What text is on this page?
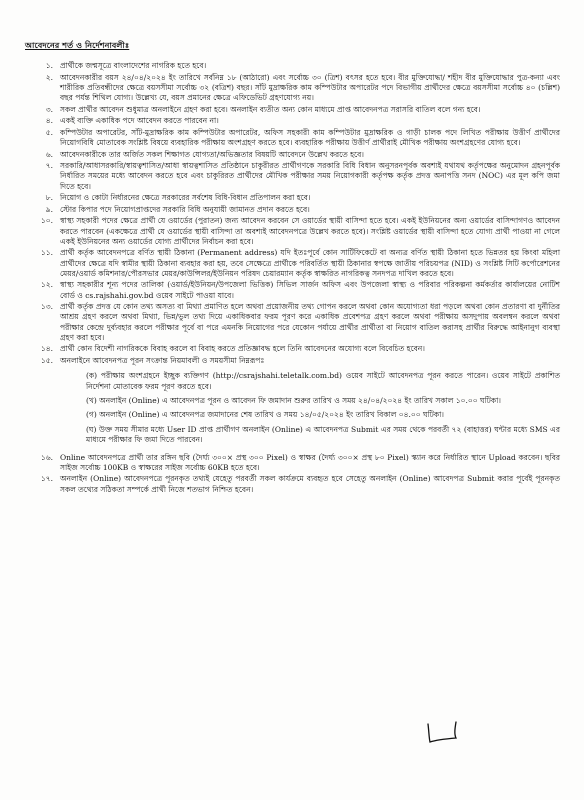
আবেদনের শর্ত ও নির্দেশনাবলীঃ
১. প্রার্থীকে জন্মসূত্রে বাংলাদেশের নাগরিক হতে হবে।
২. আবেদনকারীর বয়স ২৪/০৪/২০২৪ ইং তারিখে সর্বনিম্ন ১৮ (আঠারো) এবং সর্বোচ্চ ৩০ (ত্রিশ) বৎসর হতে হবে। বীর মুক্তিযোদ্ধা/ শহীদ বীর মুক্তিযোদ্ধার পুত্র-কন্যা এবং শারীরিক প্রতিবন্ধীদের ক্ষেত্রে বয়সসীমা সর্বোচ্চ ৩২ (বত্রিশ) বছর। সাঁট মুদ্রাক্ষরিক কাম কম্পিউটার অপারেটর পদে বিভাগীয় প্রার্থীদের ক্ষেত্রে বয়সসীমা সর্বোচ্চ ৪০ (চল্লিশ) বছর পর্যন্ত শিথিল যোগ্য। উল্লেখ্য যে, বয়স প্রমানের ক্ষেত্রে এফিডেভিট গ্রহণযোগ্য নয়।
৩. সকল প্রার্থীর আবেদন শুধুমাত্র অনলাইনে গ্রহণ করা হবে। অনলাইন ব্যতীত অন্য কোন মাধ্যমে প্রাপ্ত আবেদনপত্র সরাসরি বাতিল বলে গন্য হবে।
৪. একই ব্যক্তি একাধিক পদে আবেদন করতে পারবেন না।
৫. কম্পিউটার অপারেটর, সাঁট-মুদ্রাক্ষরিক কাম কম্পিউটার অপারেটর, অফিস সহকারী কাম কম্পিউটার মুদ্রাক্ষরিক ও গাড়ী চালক পদে লিখিত পরীক্ষায় উত্তীর্ণ প্রার্থীদের নিয়োগবিধি মোতাবেক সংশ্লিষ্ট বিষয়ে ব্যবহারিক পরীক্ষায় অংশগ্রহণ করতে হবে। ব্যবহারিক পরীক্ষায় উত্তীর্ণ প্রার্থীরাই মৌখিক পরীক্ষায় অংশগ্রহণের যোগ্য হবে।
৬. আবেদনকারীকে তার অর্জিত সকল শিক্ষাগত যোগ্যতা/অভিজ্ঞতার বিষয়টি আবেদনে উল্লেখ করতে হবে।
৭. সরকারি/আধাসরকারি/স্বায়ত্বশাসিত/আধা স্বায়ত্বশাসিত প্রতিষ্ঠানে চাকুরীরত প্রার্থীগণকে সরকারি বিধি বিধান অনুসরনপূর্বক অবশ্যই যথাযথ কর্তৃপক্ষের অনুমোদন গ্রহনপূর্বক নির্ধারিত সময়ের মধ্যে আবেদন করতে হবে এবং চাকুরিরত প্রার্থীদের মৌখিক পরীক্ষার সময় নিয়োগকারী কর্তৃপক্ষ কর্তৃক প্রদত্ত অনাপত্তি সনদ (NOC) এর মূল কপি জমা দিতে হবে।
৮. নিয়োগ ও কোটা নির্ধারনের ক্ষেত্রে সরকারের সর্বশেষ বিধি-বিধান প্রতিপালন করা হবে।
৯. স্টোর কিপার পদে নিয়োগপ্রাপ্তদের সরকারি বিধি অনুযায়ী জামানত প্রদান করতে হবে।
১০. স্বাস্থ্য সহকারী পদের ক্ষেত্রে প্রার্থী যে ওয়ার্ডের (পুরাতন) জন্য আবেদন করবেন সে ওয়ার্ডের স্থায়ী বাসিন্দা হতে হবে। একই ইউনিয়নের অন্য ওয়ার্ডের বাসিন্দাগণও আবেদন করতে পারবেন (একক্ষেত্রে প্রার্থী যে ওয়ার্ডের স্থায়ী বাসিন্দা তা অবশ্যই আবেদনপত্রে উল্লেখ করতে হবে)। সংশ্লিষ্ট ওয়ার্ডের স্থায়ী বাসিন্দা হতে যোগ্য প্রার্থী পাওয়া না গেলে একই ইউনিয়নের অন্য ওয়ার্ডের যোগ্য প্রার্থীদের নির্বাচন করা হবে।
১১. প্রার্থী কর্তৃক আবেদনপত্রে বর্ণিত স্থায়ী ঠিকানা (Permanent address) যদি ইতঃপূর্বে কোন সার্টিফিকেটে বা অন্যত্র বর্ণিত স্থায়ী ঠিকানা হতে ভিন্নতর হয় কিংবা মহিলা প্রার্থীদের ক্ষেত্রে যদি স্বামীর স্থায়ী ঠিকানা ব্যবহার করা হয়, তবে সেক্ষেত্রে প্রার্থীকে পরিবর্তিত স্থায়ী ঠিকানার স্বপক্ষে জাতীয় পরিচয়পত্র (NID) ও সংশ্লিষ্ট সিটি কর্পোরেশনের মেয়র/ওয়ার্ড কমিশনার/পৌরসভার মেয়র/কাউন্সিলর/ইউনিয়ন পরিষদ চেয়ারম্যান কর্তৃক স্বাক্ষরিত নাগরিকত্ব সনদপত্র দাখিল করতে হবে।
১২. স্বাস্থ্য সহকারীর শূন্য পদের তালিকা (ওয়ার্ড/ইউনিয়ন/উপজেলা ভিত্তিক) সিভিল সার্জন অফিস এবং উপজেলা স্বাস্থ্য ও পরিবার পরিকল্পনা কর্মকর্তার কার্যালয়ের নোটিশ বোর্ড ও cs.rajshahi.gov.bd ওয়েব সাইটে পাওয়া যাবে।
১৩. প্রার্থী কর্তৃক প্রদত্ত যে কোন তথ্য অসত্য বা মিথ্যা প্রমাণিত হলে অথবা প্রয়োজনীয় তথ্য গোপন করলে অথবা কোন অযোগ্যতা ধরা পড়লে অথবা কোন প্রতারণা বা দুর্নীতির আশ্রয় গ্রহণ করলে অথবা মিথ্যা, ভিন্ন/ভুল তথ্য দিয়ে একাধিকবার ফরম পূরণ করে একাধিক প্রবেশপত্র গ্রহণ করলে অথবা পরীক্ষায় অসদুপায় অবলম্বন করলে অথবা পরীক্ষার কেন্দ্রে দুর্ব্যবহার করলে পরীক্ষার পূর্বে বা পরে এমনকি নিয়োগের পরে যেকোন পর্যায়ে প্রার্থীর প্রার্থীতা বা নিয়োগ বাতিল করাসহ প্রার্থীর বিরুদ্ধে আইনানুগ ব্যবস্থা গ্রহণ করা হবে।
১৪. প্রার্থী কোন বিদেশী নাগরিককে বিবাহ করলে বা বিবাহ করতে প্রতিজ্ঞাবদ্ধ হলে তিনি আবেদনের অযোগ্য বলে বিবেচিত হবেন।
১৫. অনলাইনে আবেদনপত্র পূরন সংক্রান্ত নিয়মাবলী ও সময়সীমা নিম্নরূপঃ

(ক) পরীক্ষায় অংশগ্রহনে ইচ্ছুক ব্যক্তিগণ (http://csrajshahi.teletalk.com.bd) ওয়েব সাইটে আবেদনপত্র পূরন করতে পারেন। ওয়েব সাইটে প্রকাশিত নির্দেশনা মোতাবেক ফরম পূরণ করতে হবে।

(খ) অনলাইন (Online) এ আবেদনপত্র পূরন ও আবেদন ফি জমাদান শুরুর তারিখ ও সময় ২৪/০৪/২০২৪ ইং তারিখ সকাল ১০.০০ ঘটিকা।

(গ) অনলাইন (Online) এ আবেদনপত্র জমাদানের শেষ তারিখ ও সময় ১৪/০৫/২০২৪ ইং তারিখ বিকাল ০৪.০০ ঘটিকা।

(ঘ) উক্ত সময় সীমার মধ্যে User ID প্রাপ্ত প্রার্থীগণ অনলাইন (Online) এ আবেদনপত্র Submit এর সময় থেকে পরবর্তী ৭২ (বাহাত্তর) ঘন্টার মধ্যে SMS এর মাধ্যমে পরীক্ষার ফি জমা দিতে পারবেন।

১৬. Online আবেদনপত্রে প্রার্থী তার রঙ্গিন ছবি (দৈর্ঘ্য ৩০০× প্রস্থ ৩০০ Pixel) ও স্বাক্ষর (দৈর্ঘ্য ৩০০× প্রস্থ ৮০ Pixel) স্ক্যান করে নির্ধারিত স্থানে Upload করবেন। ছবির সাইজ সর্বোচ্চ 100KB ও স্বাক্ষরের সাইজ সর্বোচ্চ 60KB হতে হবে।
১৭. অনলাইন (Online) আবেদনপত্রে পূরনকৃত তথ্যই যেহেতু পরবর্তী সকল কার্যক্রমে ব্যবহৃত হবে সেহেতু অনলাইন (Online) আবেদপত্র Submit করার পূর্বেই পূরনকৃত সকল তথ্যের সঠিকতা সম্পর্কে প্রার্থী নিজে শতভাগ নিশ্চিত হবেন।
